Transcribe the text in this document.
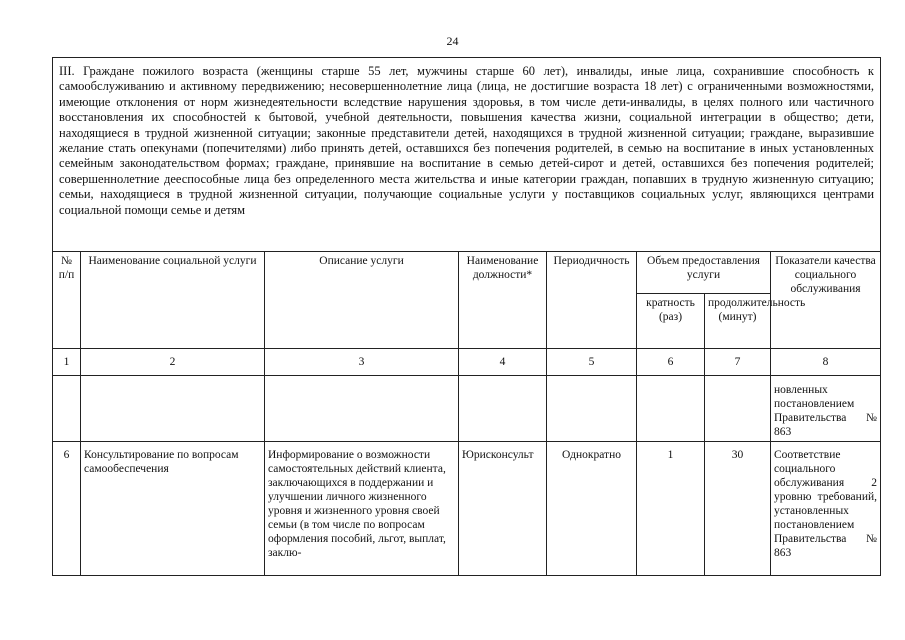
24
III. Граждане пожилого возраста (женщины старше 55 лет, мужчины старше 60 лет), инвалиды, иные лица, сохранившие способность к самообслуживанию и активному передвижению; несовершеннолетние лица (лица, не достигшие возраста 18 лет) с ограниченными возможностями, имеющие отклонения от норм жизнедеятельности вследствие нарушения здоровья, в том числе дети-инвалиды, в целях полного или частичного восстановления их способностей к бытовой, учебной деятельности, повышения качества жизни, социальной интеграции в общество; дети, находящиеся в трудной жизненной ситуации; законные представители детей, находящихся в трудной жизненной ситуации; граждане, выразившие желание стать опекунами (попечителями) либо принять детей, оставшихся без попечения родителей, в семью на воспитание в иных установленных семейным законодательством формах; граждане, принявшие на воспитание в семью детей-сирот и детей, оставшихся без попечения родителей; совершеннолетние дееспособные лица без определенного места жительства и иные категории граждан, попавших в трудную жизненную ситуацию; семьи, находящиеся в трудной жизненной ситуации, получающие социальные услуги у поставщиков социальных услуг, являющихся центрами социальной помощи семье и детям							
№ п/п	Наименование социальной услуги	Описание услуги	Наименование должности*	Периодичность	Объем предоставления услуги		Показатели качества социального обслуживания
					кратность (раз)	продолжительность (минут)	
1	2	3	4	5	6	7	8
							новленных постановлением Правительства № 863
6	Консультирование по вопросам самообеспечения	Информирование о возможности самостоятельных действий клиента, заключающихся в поддержании и улучшении личного жизненного уровня и жизненного уровня своей семьи (в том числе по вопросам оформления пособий, льгот, выплат, заклю-	Юрисконсульт	Однократно	1	30	Соответствие социального обслуживания 2 уровню требований, установленных постановлением Правительства № 863
